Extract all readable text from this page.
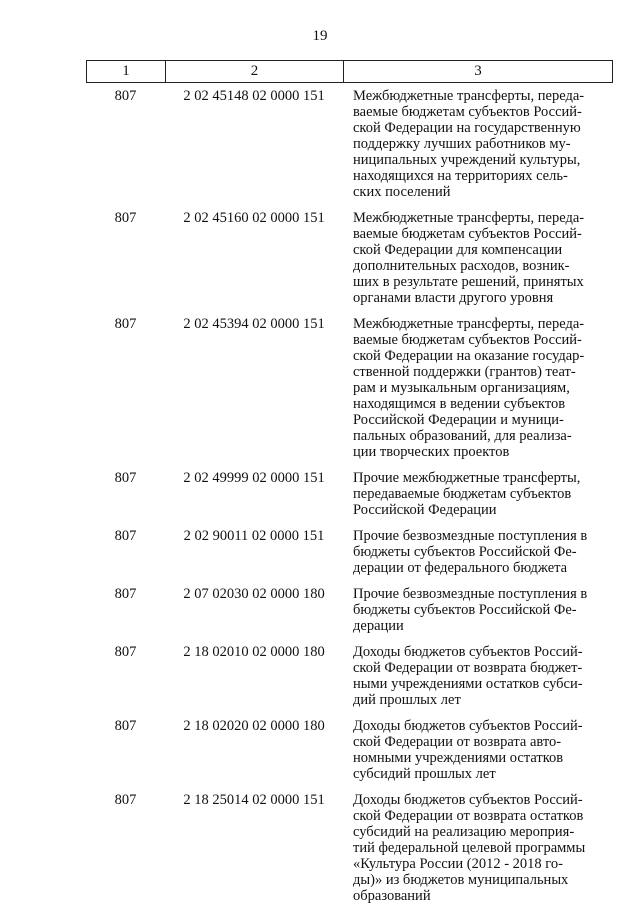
19
1	2	3
807	2 02 45148 02 0000 151	Межбюджетные трансферты, переда-
ваемые бюджетам субъектов Россий-
ской Федерации на государственную
поддержку лучших работников му-
ниципальных учреждений культуры,
находящихся на территориях сель-
ских поселений
807	2 02 45160 02 0000 151	Межбюджетные трансферты, переда-
ваемые бюджетам субъектов Россий-
ской Федерации для компенсации
дополнительных расходов, возник-
ших в результате решений, принятых
органами власти другого уровня
807	2 02 45394 02 0000 151	Межбюджетные трансферты, переда-
ваемые бюджетам субъектов Россий-
ской Федерации на оказание государ-
ственной поддержки (грантов) теат-
рам и музыкальным организациям,
находящимся в ведении субъектов
Российской Федерации и муници-
пальных образований, для реализа-
ции творческих проектов
807	2 02 49999 02 0000 151	Прочие межбюджетные трансферты,
передаваемые бюджетам субъектов
Российской Федерации
807	2 02 90011 02 0000 151	Прочие безвозмездные поступления в
бюджеты субъектов Российской Фе-
дерации от федерального бюджета
807	2 07 02030 02 0000 180	Прочие безвозмездные поступления в
бюджеты субъектов Российской Фе-
дерации
807	2 18 02010 02 0000 180	Доходы бюджетов субъектов Россий-
ской Федерации от возврата бюджет-
ными учреждениями остатков субси-
дий прошлых лет
807	2 18 02020 02 0000 180	Доходы бюджетов субъектов Россий-
ской Федерации от возврата авто-
номными учреждениями остатков
субсидий прошлых лет
807	2 18 25014 02 0000 151	Доходы бюджетов субъектов Россий-
ской Федерации от возврата остатков
субсидий на реализацию мероприя-
тий федеральной целевой программы
«Культура России (2012 - 2018 го-
ды)» из бюджетов муниципальных
образований
